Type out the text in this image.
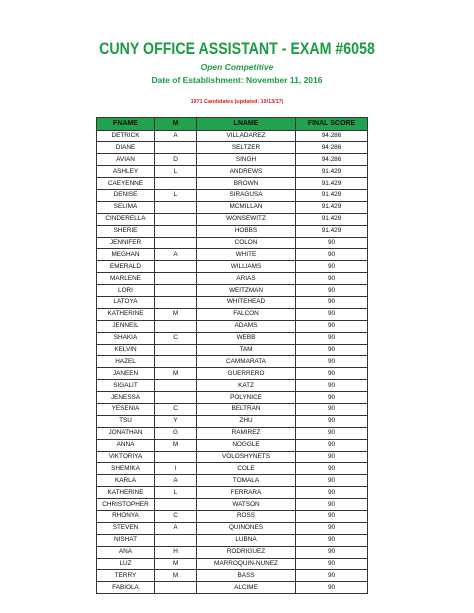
CUNY OFFICE ASSISTANT - EXAM #6058
Open Competitive
Date of Establishment: November 11, 2016
1971 Candidates (updated: 10/13/17)
FNAME	M	LNAME	FINAL SCORE
DETRICK	A	VILLADAREZ	94.286
DIANE		SELTZER	94.286
AVIAN	D	SINGH	94.286
ASHLEY	L	ANDREWS	91.429
CAEYENNE		BROWN	91.429
DENISE	L	SIRAGUSA	91.429
SELIMA		MCMILLAN	91.429
CINDERELLA		WONSEWITZ	91.429
SHERIE		HOBBS	91.429
JENNIFER		COLON	90
MEGHAN	A	WHITE	90
EMERALD		WILLIAMS	90
MARLENE		ARIAS	90
LORI		WEITZMAN	90
LATOYA		WHITEHEAD	90
KATHERINE	M	FALCON	90
JENNEIL		ADAMS	90
SHAKIA	C	WEBB	90
KELVIN		TAM	90
HAZEL		CAMMARATA	90
JANEEN	M	GUERRERO	90
SIGALIT		KATZ	90
JENESSA		POLYNICE	90
YESENIA	C	BELTRAN	90
TSU	Y	ZHU	90
JONATHAN	G	RAMIREZ	90
ANNA	M	NOGGLE	90
VIKTORIYA		VOLOSHYNETS	90
SHEMIKA	I	COLE	90
KARLA	A	TOMALA	90
KATHERINE	L	FERRARA	90
CHRISTOPHER		WATSON	90
RHONYA	C	ROSS	90
STEVEN	A	QUINONES	90
NISHAT		LUBNA	90
ANA	H	RODRIGUEZ	90
LUZ	M	MARROQUIN-NUNEZ	90
TERRY	M	BASS	90
FABIOLA		ALCIME	90
